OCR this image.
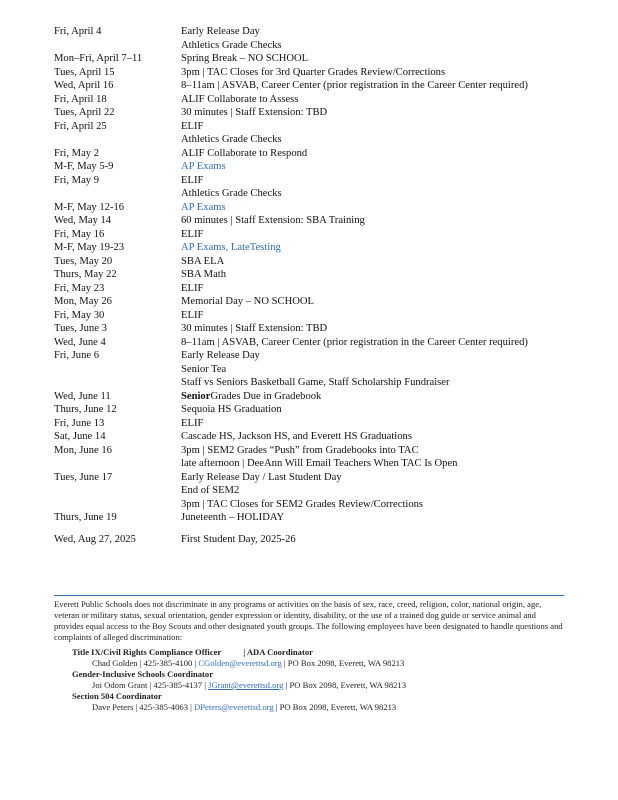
Fri, April 4	Early Release Day
Athletics Grade Checks
Mon–Fri, April 7–11	Spring Break – NO SCHOOL
Tues, April 15	3pm | TAC Closes for 3rd Quarter Grades Review/Corrections
Wed, April 16	8–11am | ASVAB, Career Center (prior registration in the Career Center required)
Fri, April 18	ALIF Collaborate to Assess
Tues, April 22	30 minutes | Staff Extension: TBD
Fri, April 25	ELIF
Athletics Grade Checks
Fri, May 2	ALIF Collaborate to Respond
M-F, May 5-9	AP Exams
Fri, May 9	ELIF
Athletics Grade Checks
M-F, May 12-16	AP Exams
Wed, May 14	60 minutes | Staff Extension: SBA Training
Fri, May 16	ELIF
M-F, May 19-23	AP Exams, LateTesting
Tues, May 20	SBA ELA
Thurs, May 22	SBA Math
Fri, May 23	ELIF
Mon, May 26	Memorial Day – NO SCHOOL
Fri, May 30	ELIF
Tues, June 3	30 minutes | Staff Extension: TBD
Wed, June 4	8–11am | ASVAB, Career Center (prior registration in the Career Center required)
Fri, June 6	Early Release Day
Senior Tea
Staff vs Seniors Basketball Game, Staff Scholarship Fundraiser
Wed, June 11	SeniorGrades Due in Gradebook
Thurs, June 12	Sequoia HS Graduation
Fri, June 13	ELIF
Sat, June 14	Cascade HS, Jackson HS, and Everett HS Graduations
Mon, June 16	3pm | SEM2 Grades “Push” from Gradebooks into TAC
late afternoon | DeeAnn Will Email Teachers When TAC Is Open
Tues, June 17	Early Release Day / Last Student Day
End of SEM2
3pm | TAC Closes for SEM2 Grades Review/Corrections
Thurs, June 19	Juneteenth – HOLIDAY
Wed, Aug 27, 2025	First Student Day, 2025-26

Everett Public Schools does not discriminate in any programs or activities on the basis of sex, race, creed, religion, color, national origin, age, veteran or military status, sexual orientation, gender expression or identity, disability, or the use of a trained dog guide or service animal and provides equal access to the Boy Scouts and other designated youth groups. The following employees have been designated to handle questions and complaints of alleged discrimination:

Title IX/Civil Rights Compliance Officer	| ADA Coordinator
Chad Golden | 425-385-4100 | CGolden@everettsd.org | PO Box 2098, Everett, WA 98213
Gender-Inclusive Schools Coordinator
Joi Odom Grant | 425-385-4137 | JGrant@everettsd.org | PO Box 2098, Everett, WA 98213
Section 504 Coordinator
Dave Peters | 425-385-4063 | DPeters@everettsd.org | PO Box 2098, Everett, WA 98213
